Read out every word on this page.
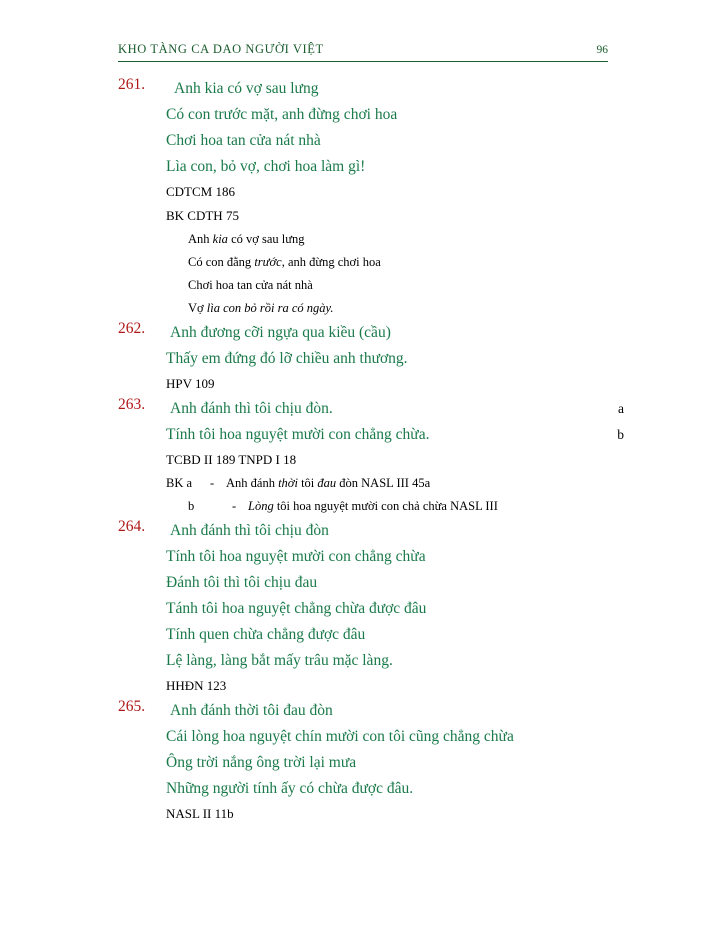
KHO TÀNG CA DAO NGƯỜI VIỆT	96
261.	Anh kia có vợ sau lưng
Có con trước mặt, anh đừng chơi hoa
Chơi hoa tan cửa nát nhà
Lìa con, bỏ vợ, chơi hoa làm gì!
CDTCM 186
BK CDTH 75
Anh kia có vợ sau lưng
Có con đằng trước, anh đừng chơi hoa
Chơi hoa tan cửa nát nhà
Vợ lìa con bỏ rồi ra có ngày.
262.	Anh đương cỡi ngựa qua kiều (cầu)
Thấy em đứng đó lỡ chiều anh thương.
HPV 109
263.	Anh đánh thì tôi chịu đòn.	a
Tính tôi hoa nguyệt mười con chẳng chừa.	b
TCBD II 189 TNPD I 18
BK a	- Anh đánh thời tôi đau đòn NASL III 45a
b	- Lòng tôi hoa nguyệt mười con chả chừa NASL III
264.	Anh đánh thì tôi chịu đòn
Tính tôi hoa nguyệt mười con chẳng chừa
Đánh tôi thì tôi chịu đau
Tánh tôi hoa nguyệt chẳng chừa được đâu
Tính quen chừa chẳng được đâu
Lệ làng, làng bắt mấy trâu mặc làng.
HHĐN 123
265.	Anh đánh thời tôi đau đòn
Cái lòng hoa nguyệt chín mười con tôi cũng chẳng chừa
Ông trời nắng ông trời lại mưa
Những người tính ấy có chừa được đâu.
NASL II 11b
